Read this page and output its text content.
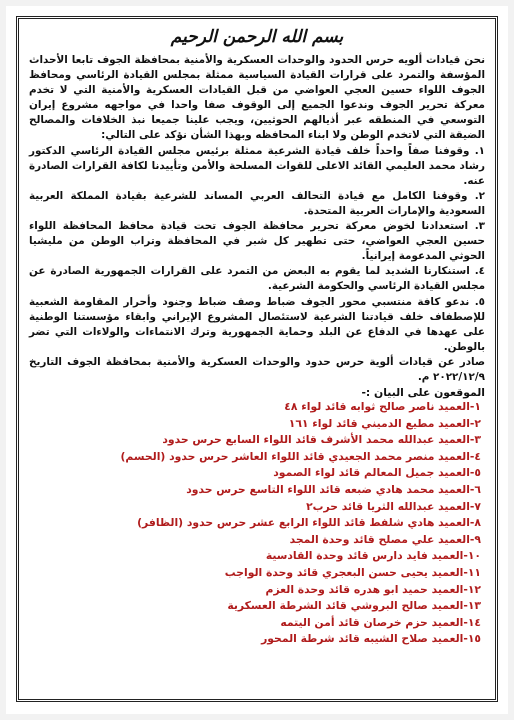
بسم الله الرحمن الرحيم

نحن قيادات ألويه حرس الحدود والوحدات العسكرية والأمنية بمحافظة الجوف تابعا الأحداث المؤسفة والتمرد على قرارات القيادة السياسية ممثلة بمجلس القيادة الرئاسي ومحافظ الجوف اللواء حسين العجي العواضي من قبل القيادات العسكرية والأمنية التي لا تخدم معركة تحرير الجوف وندعوا الجميع إلى الوقوف صفا واحدا في مواجهه مشروع إيران التوسعي في المنطقه عبر أذيالهم الحوثيين، ويجب علينا جميعا نبذ الخلافات والمصالح الضيقة التي لاتخدم الوطن ولا ابناء المحافظه وبهذا الشأن نؤكد على التالي:

١. وقوفنا صفاً واحداً خلف قيادة الشرعية ممثلة برئيس مجلس القيادة الرئاسي الدكتور رشاد محمد العليمي القائد الاعلى للقوات المسلحة والأمن وتأييدنا لكافة القرارات الصادرة عنه.

٢. وقوفنا الكامل مع قيادة التحالف العربي المساند للشرعية بقيادة المملكة العربية السعودية والإمارات العربية المتحدة.

٣. استعدادنا لخوض معركة تحرير محافظة الجوف تحت قيادة محافظ المحافظة اللواء حسين العجي العواضي، حتى تطهير كل شبر في المحافظة وتراب الوطن من مليشيا الحوثي المدعومة إيرانياً.

٤. استنكارنا الشديد لما يقوم به البعض من التمرد على القرارات الجمهورية الصادرة عن مجلس القيادة الرئاسي والحكومة الشرعية.

٥. ندعو كافة منتسبي محور الجوف ضباط وصف ضباط وجنود وأحرار المقاومة الشعبية للإصطفاف خلف قيادتنا الشرعية لاستئصال المشروع الإيراني وابقاء مؤسستنا الوطنية على عهدها في الدفاع عن البلد وحماية الجمهورية وترك الانتماءات والولاءات التي تضر بالوطن.

صادر عن قيادات ألوية حرس حدود والوحدات العسكرية والأمنية بمحافظة الجوف التاريخ ٢٠٢٢/١٢/٩ م.

الموقعون على البيان :-
١-العميد ناصر صالح ثوابه قائد لواء ٤٨
٢-العميد مطيع الدميني قائد لواء ١٦١
٣-العميد عبدالله محمد الأشرف قائد اللواء السابع حرس حدود
٤-العميد منصر محمد الجعيدي قائد اللواء العاشر حرس حدود (الحسم)
٥-العميد جميل المعالم قائد لواء الصمود
٦-العميد محمد هادي ضبعه قائد اللواء التاسع حرس حدود
٧-العميد عبدالله الثريا قائد حرب٢
٨-العميد هادي شلفط قائد اللواء الرابع عشر حرس حدود (الظافر)
٩-العميد علي مصلح قائد وحدة المجد
١٠-العميد فايد دارس قائد وحدة القادسية
١١-العميد يحيى حسن البعجري قائد وحدة الواجب
١٢-العميد حميد ابو هدره قائد وحدة العزم
١٣-العميد صالح البروشي قائد الشرطة العسكرية
١٤-العميد حزم خرصان قائد أمن اليتمه
١٥-العميد صلاح الشيبه قائد شرطة المحور
